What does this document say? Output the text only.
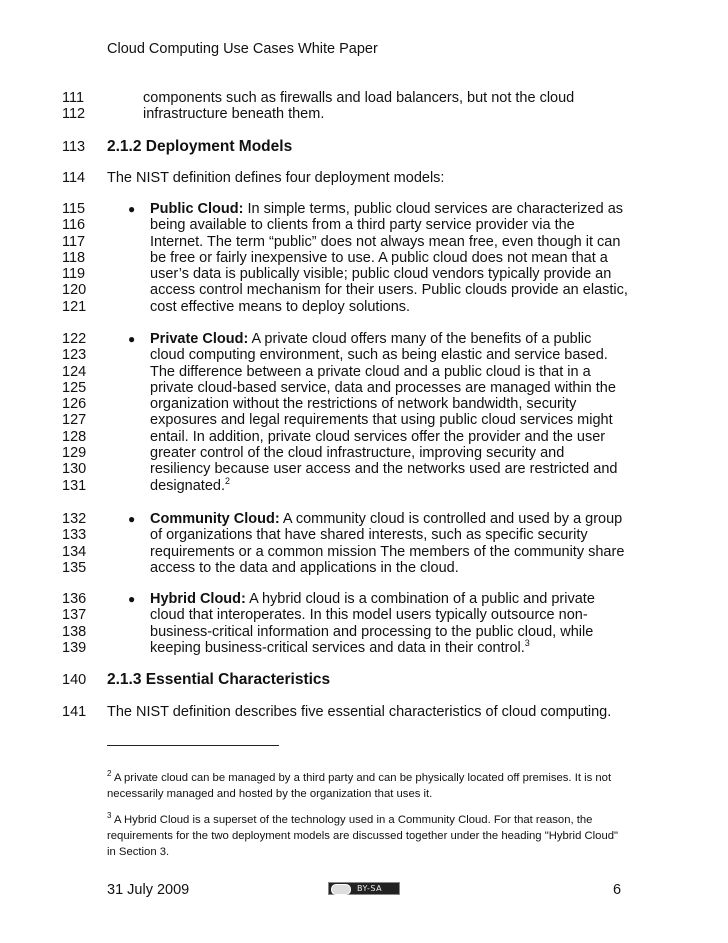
Cloud Computing Use Cases White Paper
111	components such as firewalls and load balancers, but not the cloud
112	infrastructure beneath them.
113	2.1.2 Deployment Models
114	The NIST definition defines four deployment models:
115	● Public Cloud: In simple terms, public cloud services are characterized as
116	being available to clients from a third party service provider via the
117	Internet. The term “public” does not always mean free, even though it can
118	be free or fairly inexpensive to use. A public cloud does not mean that a
119	user’s data is publically visible; public cloud vendors typically provide an
120	access control mechanism for their users. Public clouds provide an elastic,
121	cost effective means to deploy solutions.
122	● Private Cloud: A private cloud offers many of the benefits of a public
123	cloud computing environment, such as being elastic and service based.
124	The difference between a private cloud and a public cloud is that in a
125	private cloud-based service, data and processes are managed within the
126	organization without the restrictions of network bandwidth, security
127	exposures and legal requirements that using public cloud services might
128	entail. In addition, private cloud services offer the provider and the user
129	greater control of the cloud infrastructure, improving security and
130	resiliency because user access and the networks used are restricted and
131	designated.$^2$
132	● Community Cloud: A community cloud is controlled and used by a group
133	of organizations that have shared interests, such as specific security
134	requirements or a common mission The members of the community share
135	access to the data and applications in the cloud.
136	● Hybrid Cloud: A hybrid cloud is a combination of a public and private
137	cloud that interoperates. In this model users typically outsource non-
138	business-critical information and processing to the public cloud, while
139	keeping business-critical services and data in their control.$^3$
140	2.1.3 Essential Characteristics
141	The NIST definition describes five essential characteristics of cloud computing.
$^2$ A private cloud can be managed by a third party and can be physically located off premises. It is not necessarily managed and hosted by the organization that uses it.
$^3$ A Hybrid Cloud is a superset of the technology used in a Community Cloud. For that reason, the requirements for the two deployment models are discussed together under the heading "Hybrid Cloud" in Section 3.
31 July 2009	BY-SA	6
